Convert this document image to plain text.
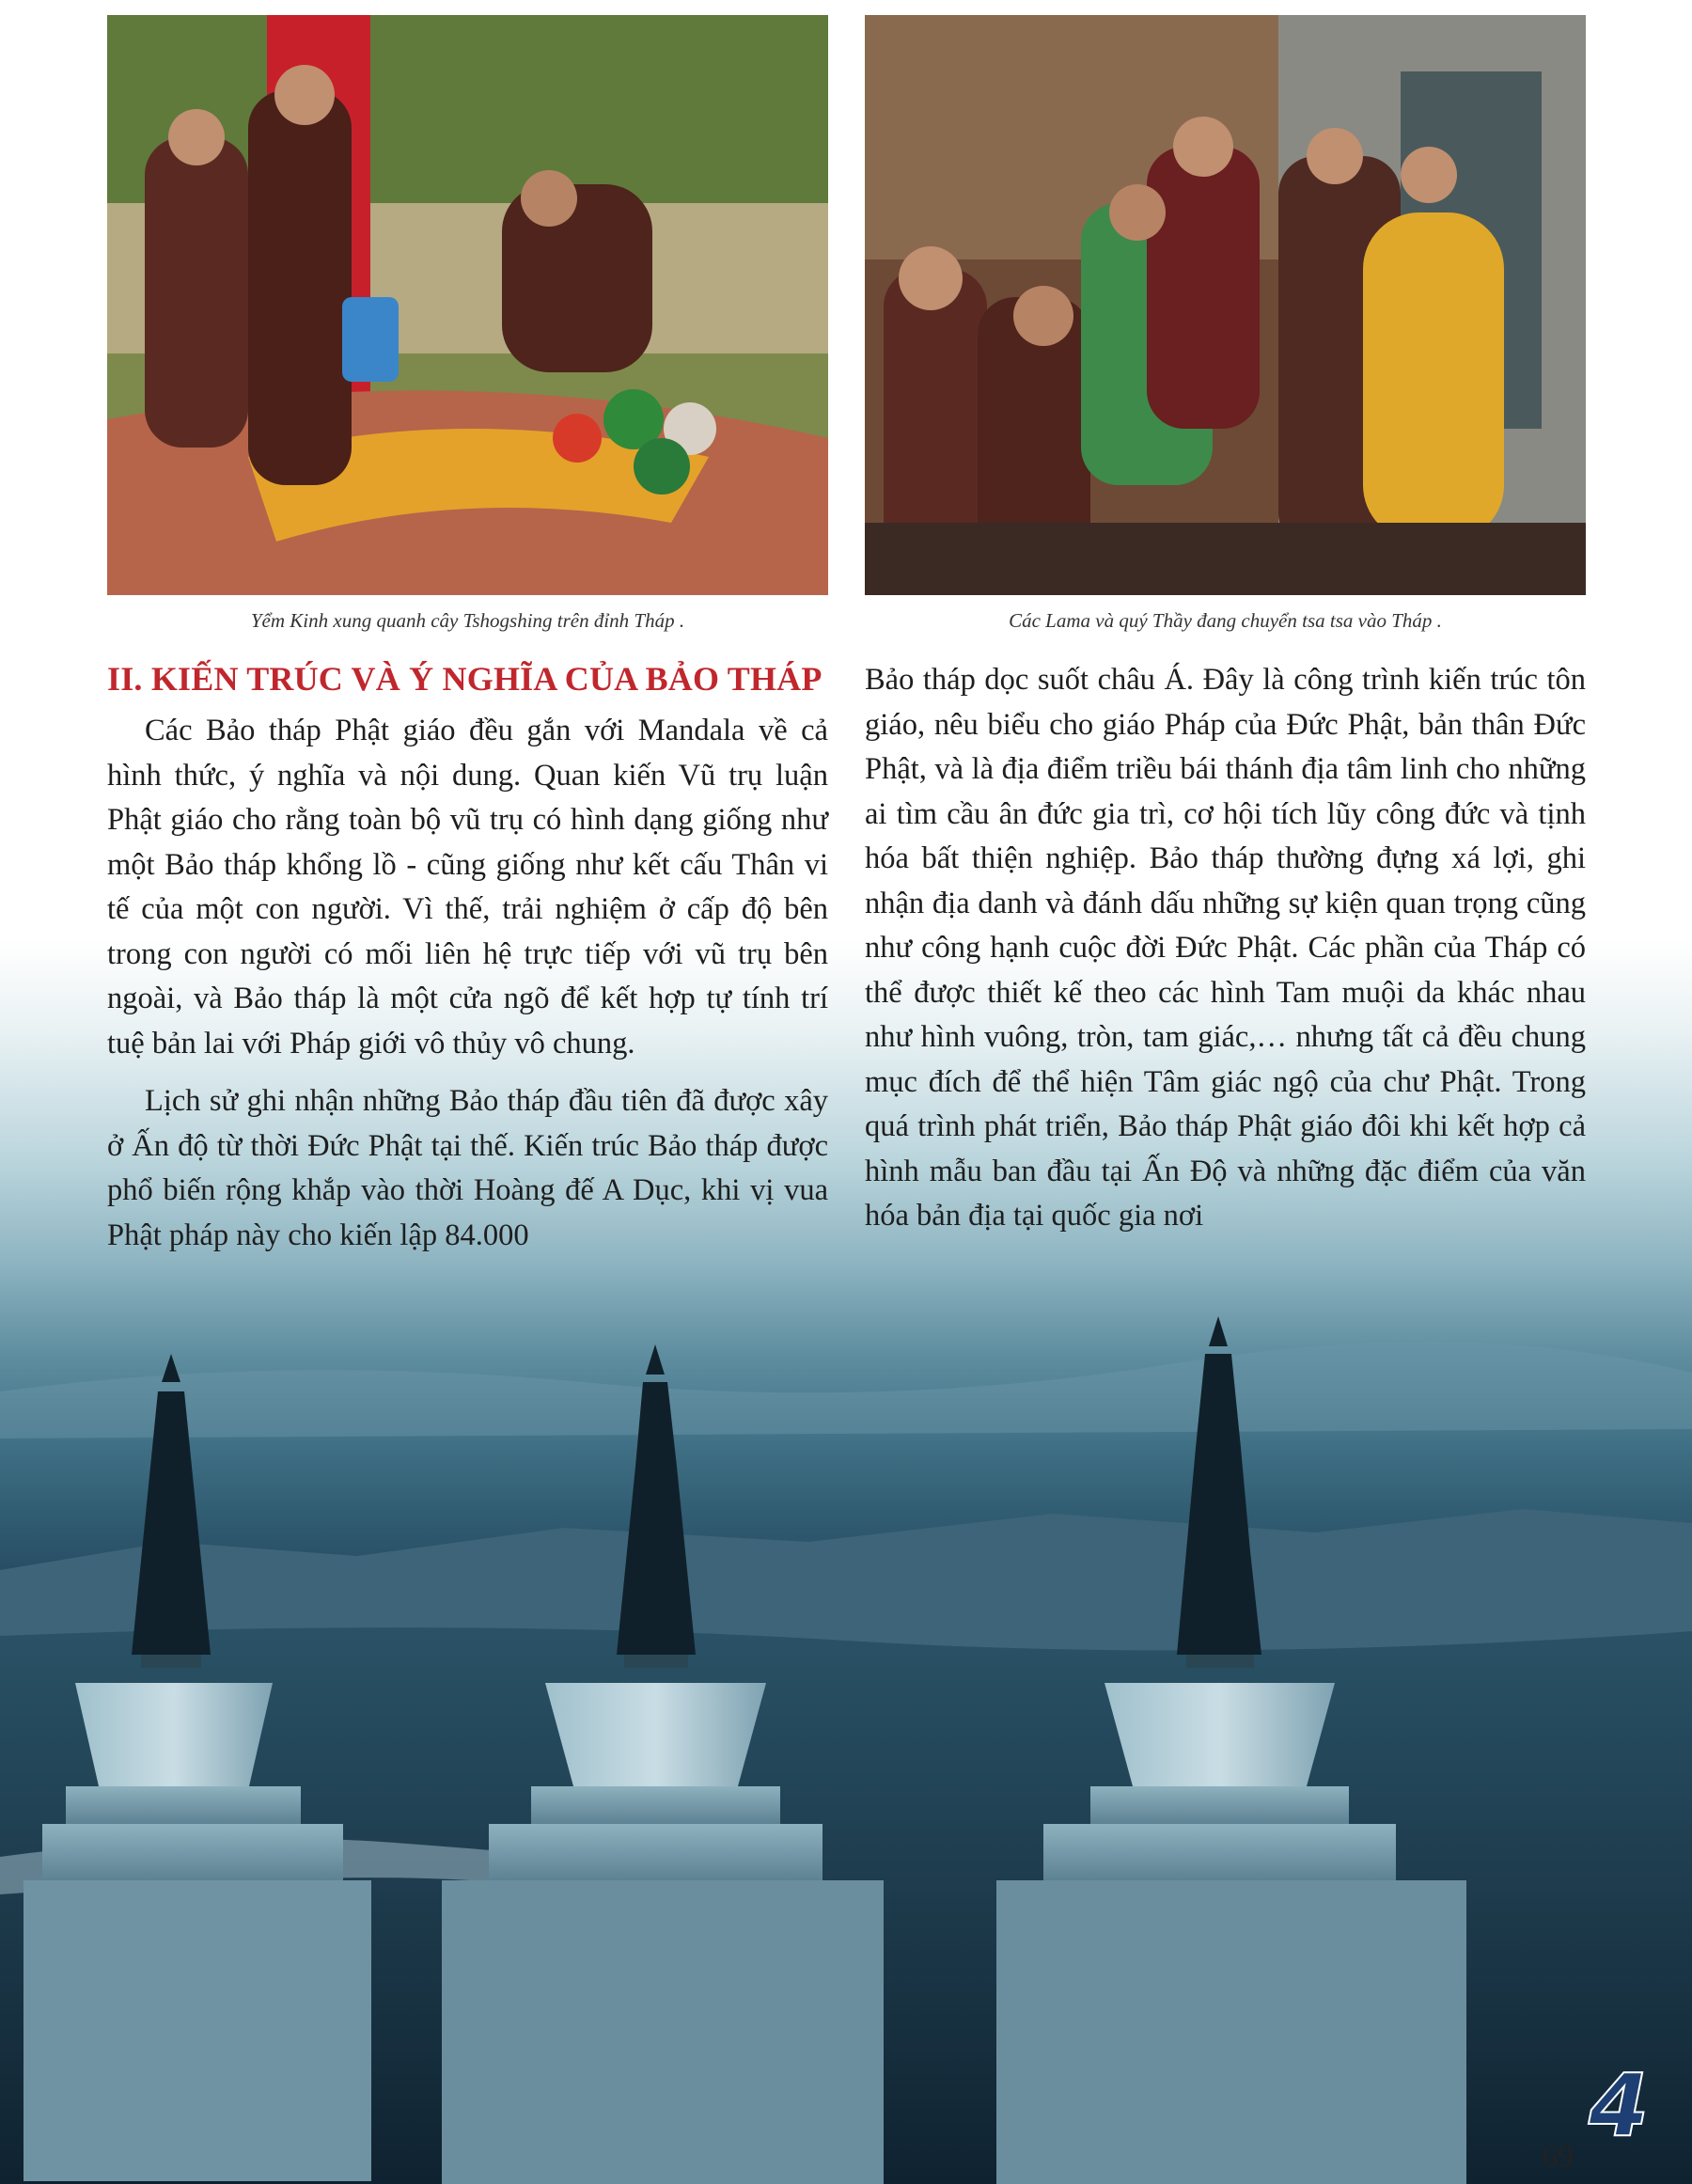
Yểm Kinh xung quanh cây Tshogshing trên đỉnh Tháp .	Các Lama và quý Thầy đang chuyển tsa tsa vào Tháp .
II. KIẾN TRÚC VÀ Ý NGHĨA CỦA BẢO THÁP

Các Bảo tháp Phật giáo đều gắn với Mandala về cả hình thức, ý nghĩa và nội dung. Quan kiến Vũ trụ luận Phật giáo cho rằng toàn bộ vũ trụ có hình dạng giống như một Bảo tháp khổng lồ - cũng giống như kết cấu Thân vi tế của một con người. Vì thế, trải nghiệm ở cấp độ bên trong con người có mối liên hệ trực tiếp với vũ trụ bên ngoài, và Bảo tháp là một cửa ngõ để kết hợp tự tính trí tuệ bản lai với Pháp giới vô thủy vô chung.

Lịch sử ghi nhận những Bảo tháp đầu tiên đã được xây ở Ấn độ từ thời Đức Phật tại thế. Kiến trúc Bảo tháp được phổ biến rộng khắp vào thời Hoàng đế A Dục, khi vị vua Phật pháp này cho kiến lập 84.000

Bảo tháp dọc suốt châu Á. Đây là công trình kiến trúc tôn giáo, nêu biểu cho giáo Pháp của Đức Phật, bản thân Đức Phật, và là địa điểm triều bái thánh địa tâm linh cho những ai tìm cầu ân đức gia trì, cơ hội tích lũy công đức và tịnh hóa bất thiện nghiệp. Bảo tháp thường đựng xá lợi, ghi nhận địa danh và đánh dấu những sự kiện quan trọng cũng như công hạnh cuộc đời Đức Phật. Các phần của Tháp có thể được thiết kế theo các hình Tam muội da khác nhau như hình vuông, tròn, tam giác,… nhưng tất cả đều chung mục đích để thể hiện Tâm giác ngộ của chư Phật. Trong quá trình phát triển, Bảo tháp Phật giáo đôi khi kết hợp cả hình mẫu ban đầu tại Ấn Độ và những đặc điểm của văn hóa bản địa tại quốc gia nơi

4
69
